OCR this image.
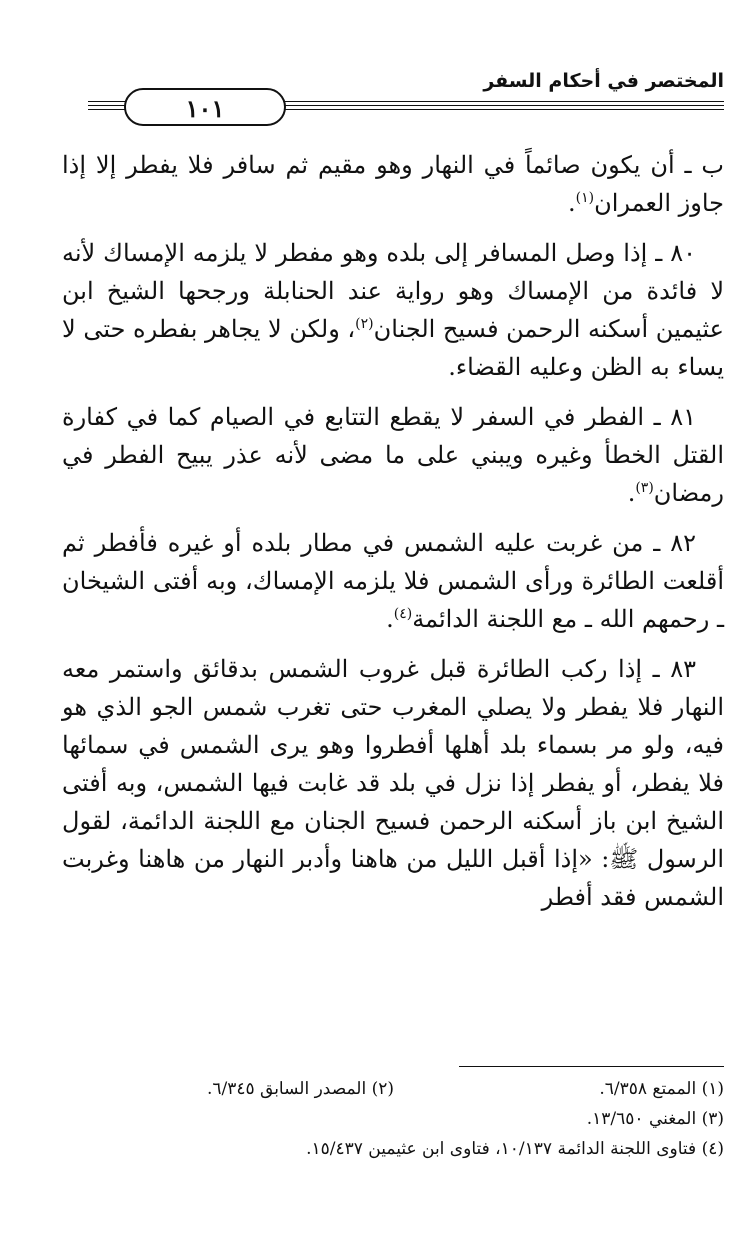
المختصر في أحكام السفر
١٠١

ب ـ أن يكون صائماً في النهار وهو مقيم ثم سافر فلا يفطر إلا إذا جاوز العمران$^{(١)}$.

٨٠ ـ إذا وصل المسافر إلى بلده وهو مفطر لا يلزمه الإمساك لأنه لا فائدة من الإمساك وهو رواية عند الحنابلة ورجحها الشيخ ابن عثيمين أسكنه الرحمن فسيح الجنان$^{(٢)}$، ولكن لا يجاهر بفطره حتى لا يساء به الظن وعليه القضاء.

٨١ ـ الفطر في السفر لا يقطع التتابع في الصيام كما في كفارة القتل الخطأ وغيره ويبني على ما مضى لأنه عذر يبيح الفطر في رمضان$^{(٣)}$.

٨٢ ـ من غربت عليه الشمس في مطار بلده أو غيره فأفطر ثم أقلعت الطائرة ورأى الشمس فلا يلزمه الإمساك، وبه أفتى الشيخان ـ رحمهم الله ـ مع اللجنة الدائمة$^{(٤)}$.

٨٣ ـ إذا ركب الطائرة قبل غروب الشمس بدقائق واستمر معه النهار فلا يفطر ولا يصلي المغرب حتى تغرب شمس الجو الذي هو فيه، ولو مر بسماء بلد أهلها أفطروا وهو يرى الشمس في سمائها فلا يفطر، أو يفطر إذا نزل في بلد قد غابت فيها الشمس، وبه أفتى الشيخ ابن باز أسكنه الرحمن فسيح الجنان مع اللجنة الدائمة، لقول الرسول ﷺ: «إذا أقبل الليل من هاهنا وأدبر النهار من هاهنا وغربت الشمس فقد أفطر

(١) الممتع ٦/٣٥٨.
(٢) المصدر السابق ٦/٣٤٥.
(٣) المغني ١٣/٦٥٠.
(٤) فتاوى اللجنة الدائمة ١٠/١٣٧، فتاوى ابن عثيمين ١٥/٤٣٧.
